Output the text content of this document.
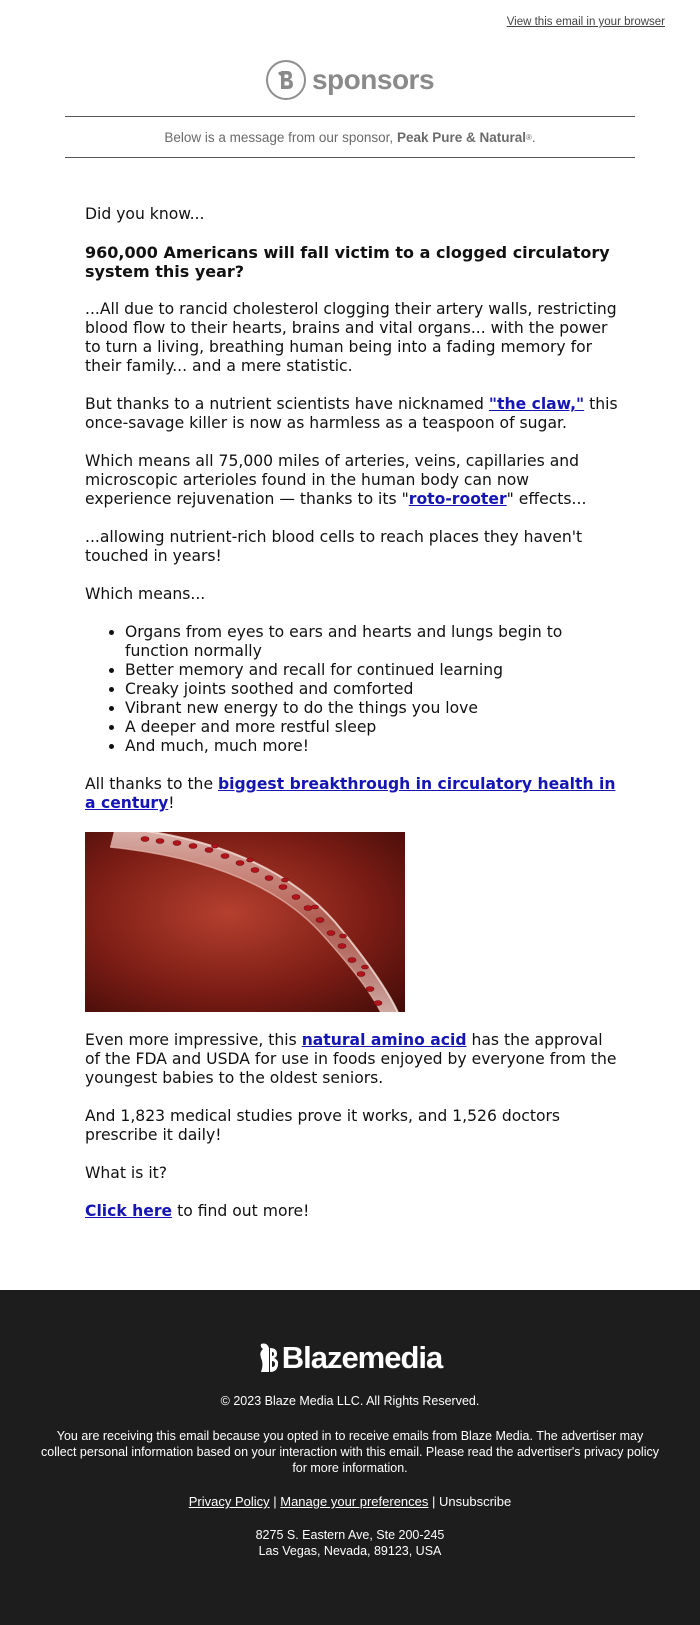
View this email in your browser
sponsors
Below is a message from our sponsor,
Peak Pure & Natural ® .

Did you know...

960,000 Americans will fall victim to a clogged circulatory system this year?

...All due to rancid cholesterol clogging their artery walls, restricting blood flow to their hearts, brains and vital organs... with the power to turn a living, breathing human being into a fading memory for their family... and a mere statistic.

But thanks to a nutrient scientists have nicknamed "the claw," this once-savage killer is now as harmless as a teaspoon of sugar.

Which means all 75,000 miles of arteries, veins, capillaries and microscopic arterioles found in the human body can now experience rejuvenation — thanks to its "roto-rooter" effects...

...allowing nutrient-rich blood cells to reach places they haven't touched in years!

Which means...

• Organs from eyes to ears and hearts and lungs begin to function normally
• Better memory and recall for continued learning
• Creaky joints soothed and comforted
• Vibrant new energy to do the things you love
• A deeper and more restful sleep
• And much, much more!

All thanks to the biggest breakthrough in circulatory health in a century!

Even more impressive, this natural amino acid has the approval of the FDA and USDA for use in foods enjoyed by everyone from the youngest babies to the oldest seniors.

And 1,823 medical studies prove it works, and 1,526 doctors prescribe it daily!

What is it?

Click here to find out more!

Blazemedia
© 2023 Blaze Media LLC. All Rights Reserved.
You are receiving this email because you opted in to receive emails from Blaze Media. The advertiser may collect personal information based on your interaction with this email. Please read the advertiser's privacy policy for more information.
Privacy Policy | Manage your preferences | Unsubscribe
8275 S. Eastern Ave, Ste 200-245
Las Vegas, Nevada, 89123, USA
